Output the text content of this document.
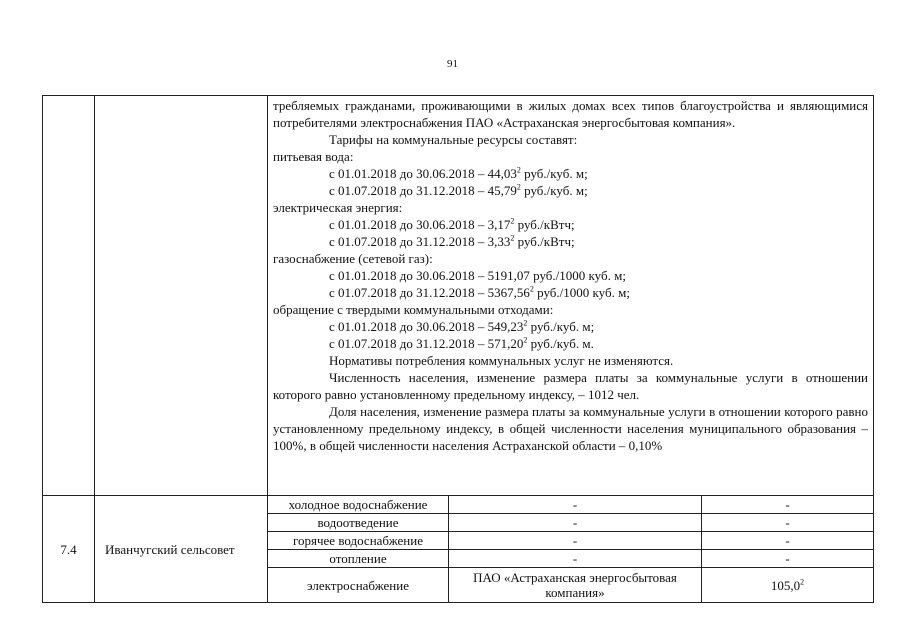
91

требляемых гражданами, проживающими в жилых домах всех типов благоустройства и являющимися потребителями электроснабжения ПАО «Астраханская энергосбытовая компания».

Тарифы на коммунальные ресурсы составят:

питьевая вода:

с 01.01.2018 до 30.06.2018 – 44,03$^2$ руб./куб. м;

с 01.07.2018 до 31.12.2018 – 45,79$^2$ руб./куб. м;

электрическая энергия:

с 01.01.2018 до 30.06.2018 – 3,17$^2$ руб./кВтч;

с 01.07.2018 до 31.12.2018 – 3,33$^2$ руб./кВтч;

газоснабжение (сетевой газ):

с 01.01.2018 до 30.06.2018 – 5191,07 руб./1000 куб. м;

с 01.07.2018 до 31.12.2018 – 5367,56$^2$ руб./1000 куб. м;

обращение с твердыми коммунальными отходами:

с 01.01.2018 до 30.06.2018 – 549,23$^2$ руб./куб. м;

с 01.07.2018 до 31.12.2018 – 571,20$^2$ руб./куб. м.

Нормативы потребления коммунальных услуг не изменяются.

Численность населения, изменение размера платы за коммунальные услуги в отношении которого равно установленному предельному индексу, – 1012 чел.

Доля населения, изменение размера платы за коммунальные услуги в отношении которого равно установленному предельному индексу, в общей численности населения муниципального образования – 100%, в общей численности населения Астраханской области – 0,10%

7.4	Иванчугский сельсовет	
холодное водоснабжение	-	-
водоотведение	-	-
горячее водоснабжение	-	-
отопление	-	-
электроснабжение	ПАО «Астраханская энергосбытовая компания»	105,0$^2$
